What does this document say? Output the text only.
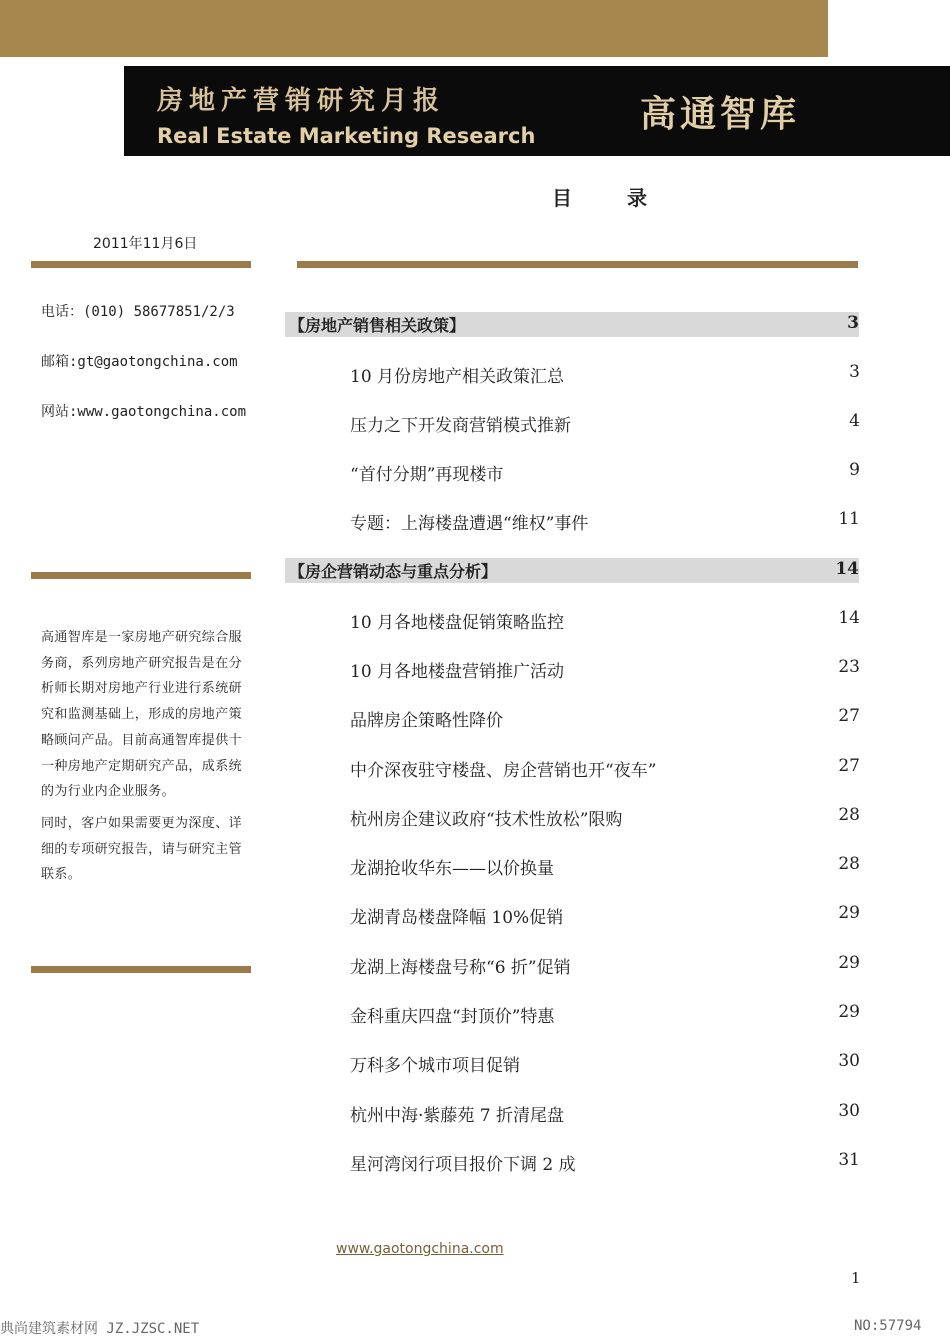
房地产营销研究月报
Real Estate Marketing Research
高通智库
目 录
2011年11月6日
电话：(010) 58677851/2/3
邮箱:gt@gaotongchina.com
网站:www.gaotongchina.com

高通智库是一家房地产研究综合服务商，系列房地产研究报告是在分析师长期对房地产行业进行系统研究和监测基础上，形成的房地产策略顾问产品。目前高通智库提供十一种房地产定期研究产品，成系统的为行业内企业服务。

同时，客户如果需要更为深度、详细的专项研究报告，请与研究主管联系。

【房地产销售相关政策】	3
10 月份房地产相关政策汇总	3
压力之下开发商营销模式推新	4
“首付分期”再现楼市	9
专题：上海楼盘遭遇“维权”事件	11
【房企营销动态与重点分析】	14
10 月各地楼盘促销策略监控	14
10 月各地楼盘营销推广活动	23
品牌房企策略性降价	27
中介深夜驻守楼盘、房企营销也开“夜车”	27
杭州房企建议政府“技术性放松”限购	28
龙湖抢收华东——以价换量	28
龙湖青岛楼盘降幅 10%促销	29
龙湖上海楼盘号称“6 折”促销	29
金科重庆四盘“封顶价”特惠	29
万科多个城市项目促销	30
杭州中海·紫藤苑 7 折清尾盘	30
星河湾闵行项目报价下调 2 成	31
www.gaotongchina.com
1
典尚建筑素材网 JZ.JZSC.NET	NO:57794
